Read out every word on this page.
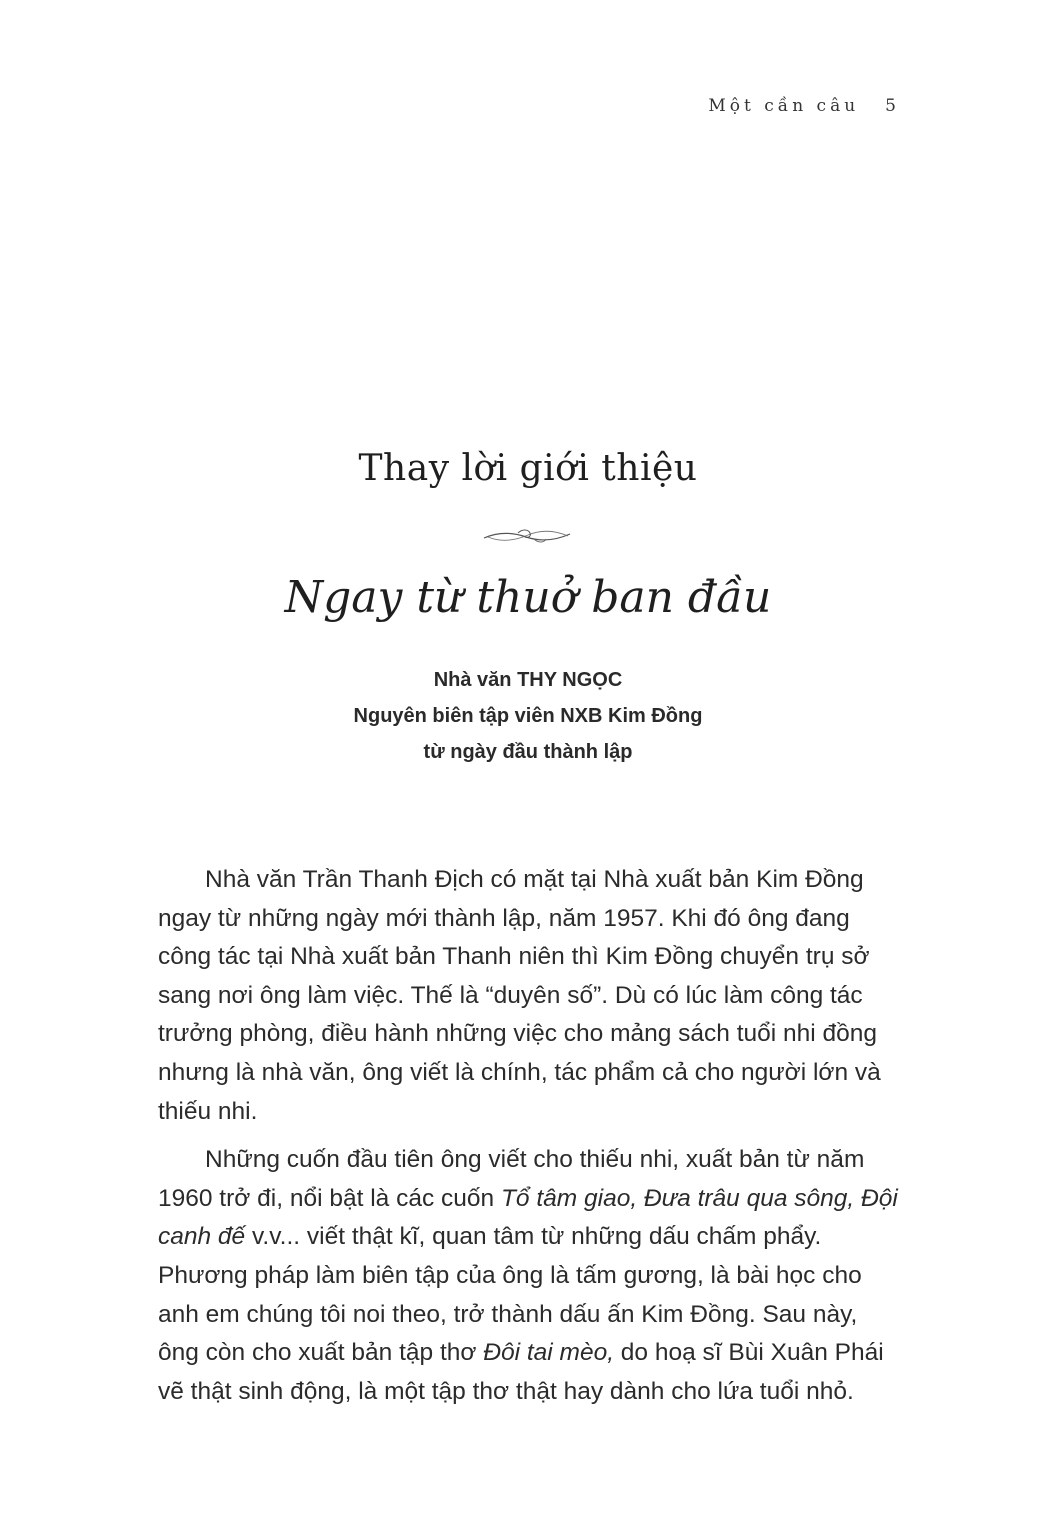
Một cần câu 5
Thay lời giới thiệu
Ngay từ thuở ban đầu
Nhà văn THY NGỌC
Nguyên biên tập viên NXB Kim Đồng
từ ngày đầu thành lập

Nhà văn Trần Thanh Địch có mặt tại Nhà xuất bản Kim Đồng ngay từ những ngày mới thành lập, năm 1957. Khi đó ông đang công tác tại Nhà xuất bản Thanh niên thì Kim Đồng chuyển trụ sở sang nơi ông làm việc. Thế là “duyên số”. Dù có lúc làm công tác trưởng phòng, điều hành những việc cho mảng sách tuổi nhi đồng nhưng là nhà văn, ông viết là chính, tác phẩm cả cho người lớn và thiếu nhi.

Những cuốn đầu tiên ông viết cho thiếu nhi, xuất bản từ năm 1960 trở đi, nổi bật là các cuốn Tổ tâm giao, Đưa trâu qua sông, Đội canh đế v.v... viết thật kĩ, quan tâm từ những dấu chấm phẩy. Phương pháp làm biên tập của ông là tấm gương, là bài học cho anh em chúng tôi noi theo, trở thành dấu ấn Kim Đồng. Sau này, ông còn cho xuất bản tập thơ Đôi tai mèo, do hoạ sĩ Bùi Xuân Phái vẽ thật sinh động, là một tập thơ thật hay dành cho lứa tuổi nhỏ.
